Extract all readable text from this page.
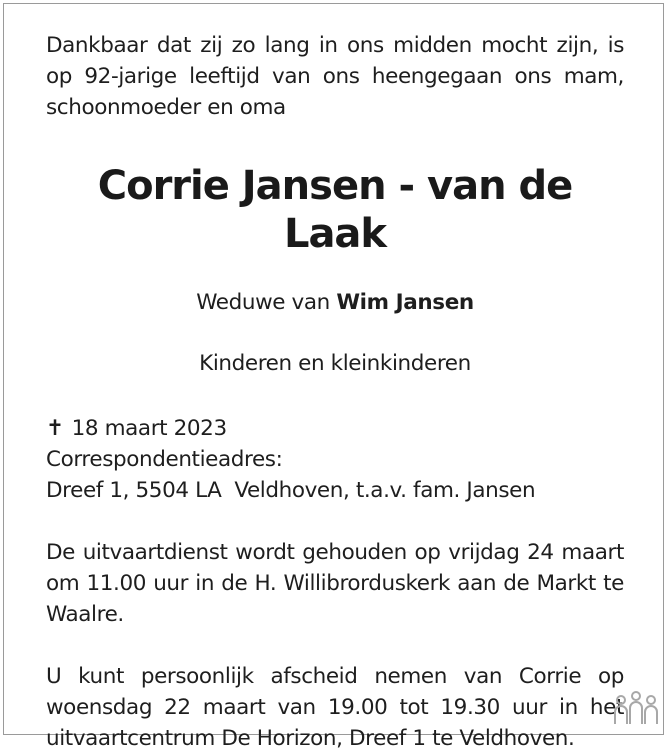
Dankbaar dat zij zo lang in ons midden mocht zijn, is op 92-jarige leeftijd van ons heengegaan ons mam, schoonmoeder en oma

Corrie Jansen - van de Laak
Weduwe van Wim Jansen
Kinderen en kleinkinderen

✝ 18 maart 2023

Correspondentieadres:

Dreef 1, 5504 LA  Veldhoven, t.a.v. fam. Jansen

De uitvaartdienst wordt gehouden op vrijdag 24 maart om 11.00 uur in de H. Willibrorduskerk aan de Markt te Waalre.

U kunt persoonlijk afscheid nemen van Corrie op woensdag 22 maart van 19.00 tot 19.30 uur in het uitvaartcentrum De Horizon, Dreef 1 te Veldhoven.
